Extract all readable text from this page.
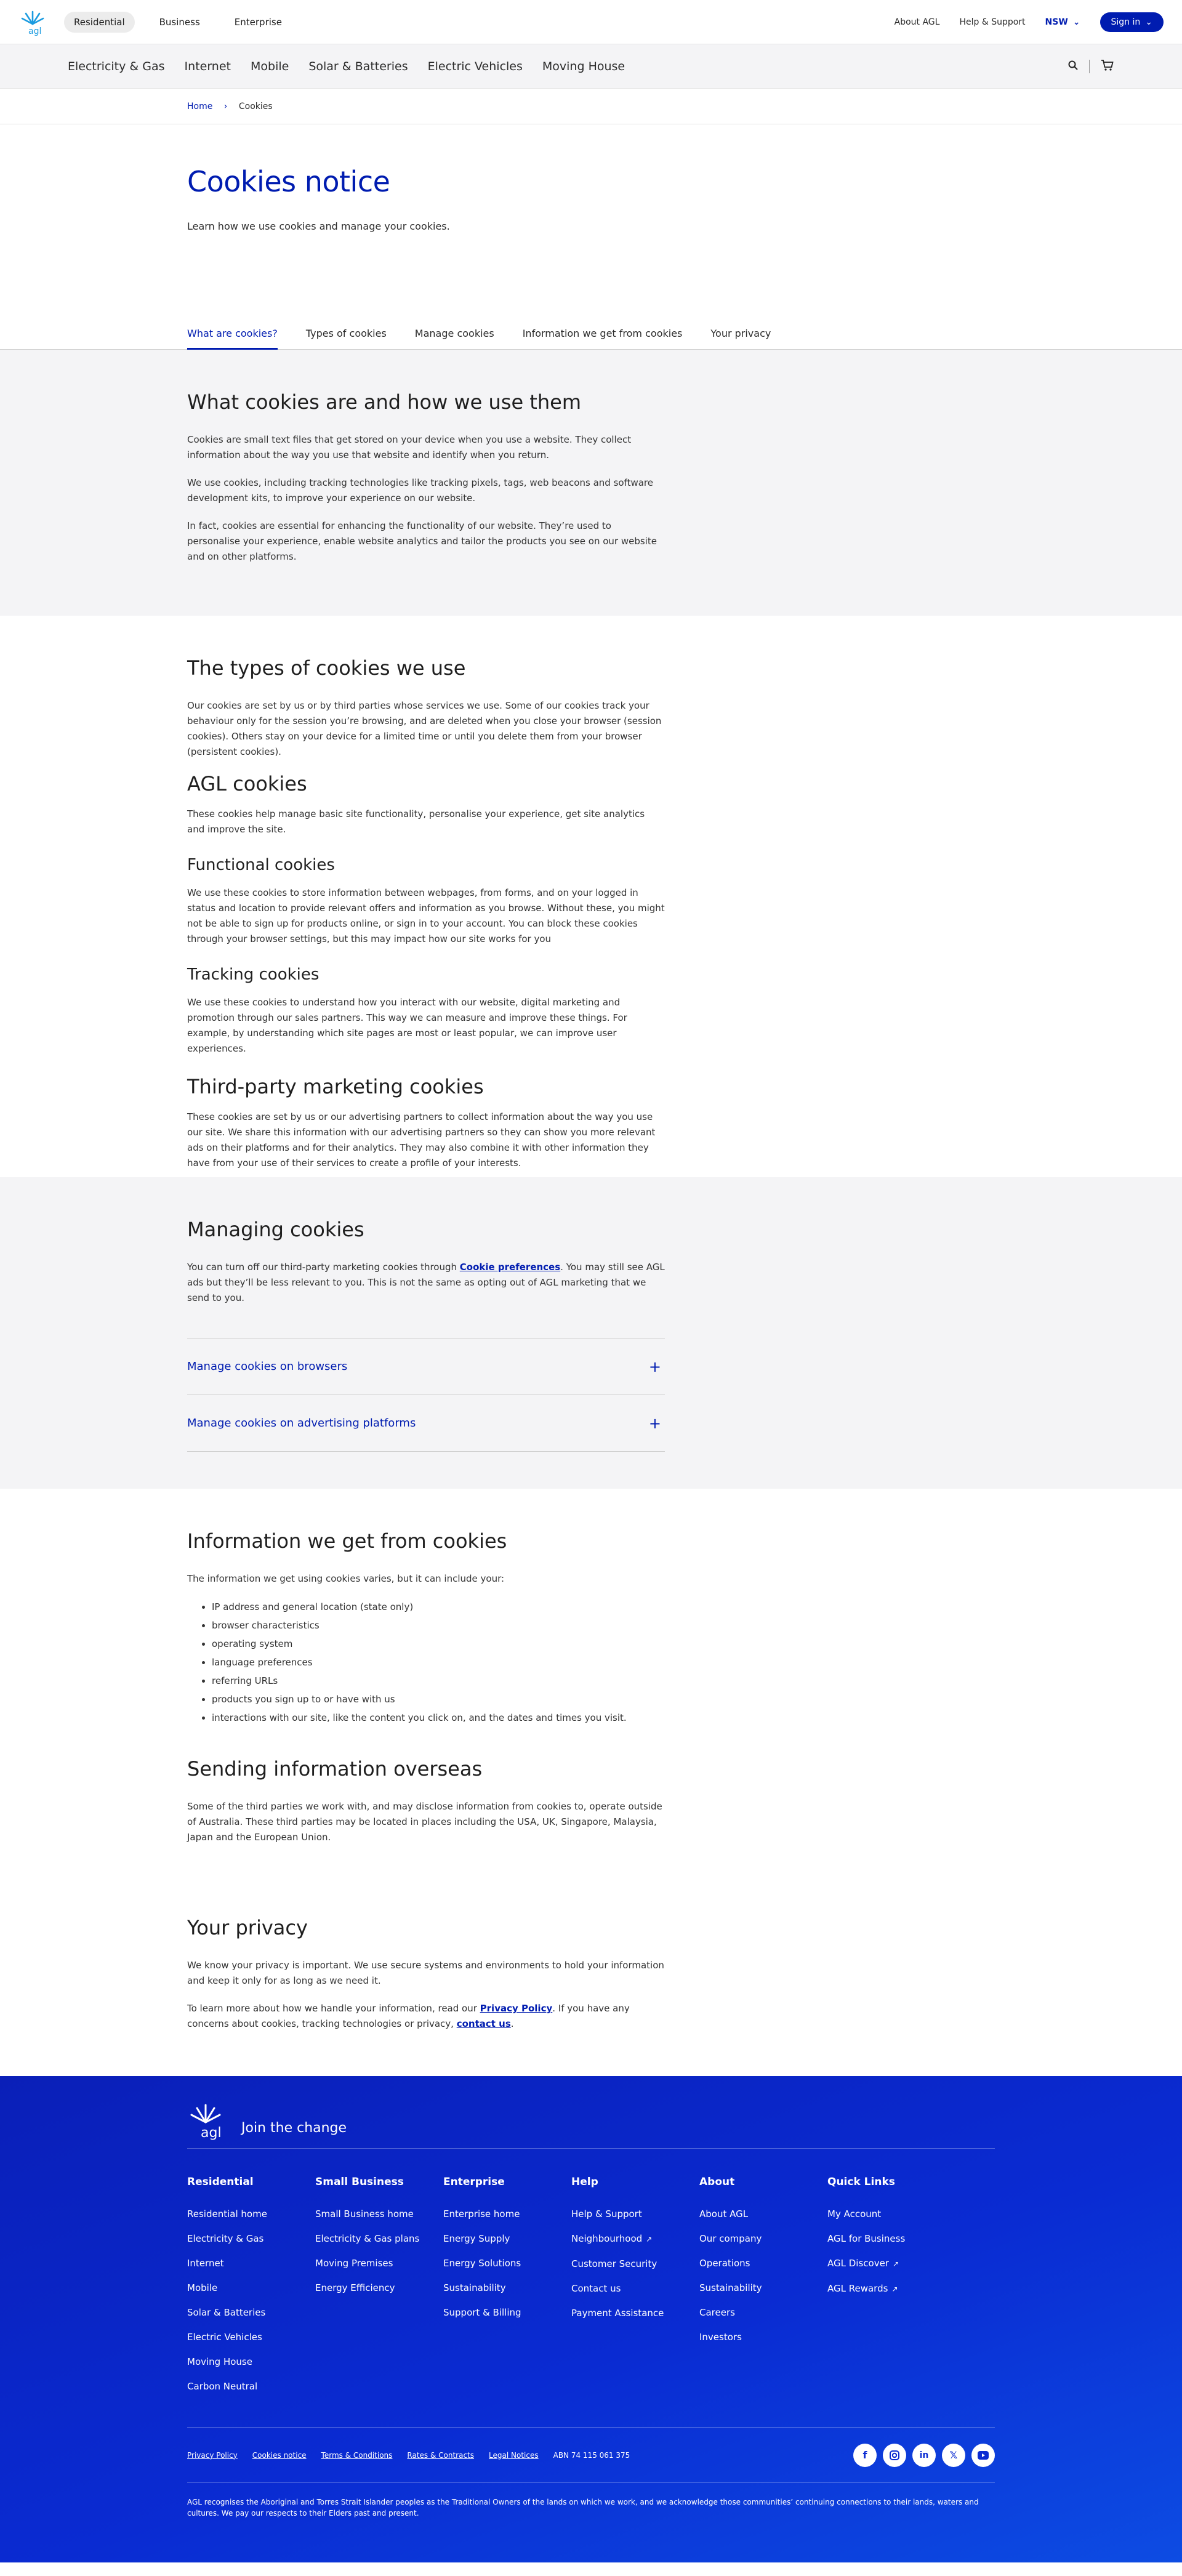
agl
Residential	Business	Enterprise	About AGL Help & Support NSW ⌄	Sign in ⌄
Electricity & Gas Internet Mobile Solar & Batteries Electric Vehicles Moving House
Home › Cookies
Cookies notice

Learn how we use cookies and manage your cookies.

What are cookies?	Types of cookies	Manage cookies	Information we get from cookies	Your privacy
What cookies are and how we use them

Cookies are small text files that get stored on your device when you use a website. They collect information about the way you use that website and identify when you return.

We use cookies, including tracking technologies like tracking pixels, tags, web beacons and software development kits, to improve your experience on our website.

In fact, cookies are essential for enhancing the functionality of our website. They’re used to personalise your experience, enable website analytics and tailor the products you see on our website and on other platforms.

The types of cookies we use

Our cookies are set by us or by third parties whose services we use. Some of our cookies track your behaviour only for the session you’re browsing, and are deleted when you close your browser (session cookies). Others stay on your device for a limited time or until you delete them from your browser (persistent cookies).

AGL cookies

These cookies help manage basic site functionality, personalise your experience, get site analytics and improve the site.

Functional cookies

We use these cookies to store information between webpages, from forms, and on your logged in status and location to provide relevant offers and information as you browse. Without these, you might not be able to sign up for products online, or sign in to your account. You can block these cookies through your browser settings, but this may impact how our site works for you

Tracking cookies

We use these cookies to understand how you interact with our website, digital marketing and promotion through our sales partners. This way we can measure and improve these things. For example, by understanding which site pages are most or least popular, we can improve user experiences.

Third-party marketing cookies

These cookies are set by us or our advertising partners to collect information about the way you use our site. We share this information with our advertising partners so they can show you more relevant ads on their platforms and for their analytics. They may also combine it with other information they have from your use of their services to create a profile of your interests.

Managing cookies

You can turn off our third-party marketing cookies through Cookie preferences. You may still see AGL ads but they’ll be less relevant to you. This is not the same as opting out of AGL marketing that we send to you.

Manage cookies on browsers	+
Manage cookies on advertising platforms	+
Information we get from cookies

The information we get using cookies varies, but it can include your:

• IP address and general location (state only)
• browser characteristics
• operating system
• language preferences
• referring URLs
• products you sign up to or have with us
• interactions with our site, like the content you click on, and the dates and times you visit.
Sending information overseas

Some of the third parties we work with, and may disclose information from cookies to, operate outside of Australia. These third parties may be located in places including the USA, UK, Singapore, Malaysia, Japan and the European Union.

Your privacy

We know your privacy is important. We use secure systems and environments to hold your information and keep it only for as long as we need it.

To learn more about how we handle your information, read our Privacy Policy. If you have any concerns about cookies, tracking technologies or privacy, contact us.

agl Join the change
Residential
Residential home
Electricity & Gas
Internet
Mobile
Solar & Batteries
Electric Vehicles
Moving House
Carbon Neutral
Small Business
Small Business home
Electricity & Gas plans
Moving Premises
Energy Efficiency
Enterprise
Enterprise home
Energy Supply
Energy Solutions
Sustainability
Support & Billing
Help
Help & Support
Neighbourhood ↗
Customer Security
Contact us
Payment Assistance
About
About AGL
Our company
Operations
Sustainability
Careers
Investors
Quick Links
My Account
AGL for Business
AGL Discover ↗
AGL Rewards ↗
Privacy Policy Cookies notice Terms & Conditions Rates & Contracts Legal Notices ABN 74 115 061 375	f	in	𝕏

AGL recognises the Aboriginal and Torres Strait Islander peoples as the Traditional Owners of the lands on which we work, and we acknowledge those communities’ continuing connections to their lands, waters and cultures. We pay our respects to their Elders past and present.
